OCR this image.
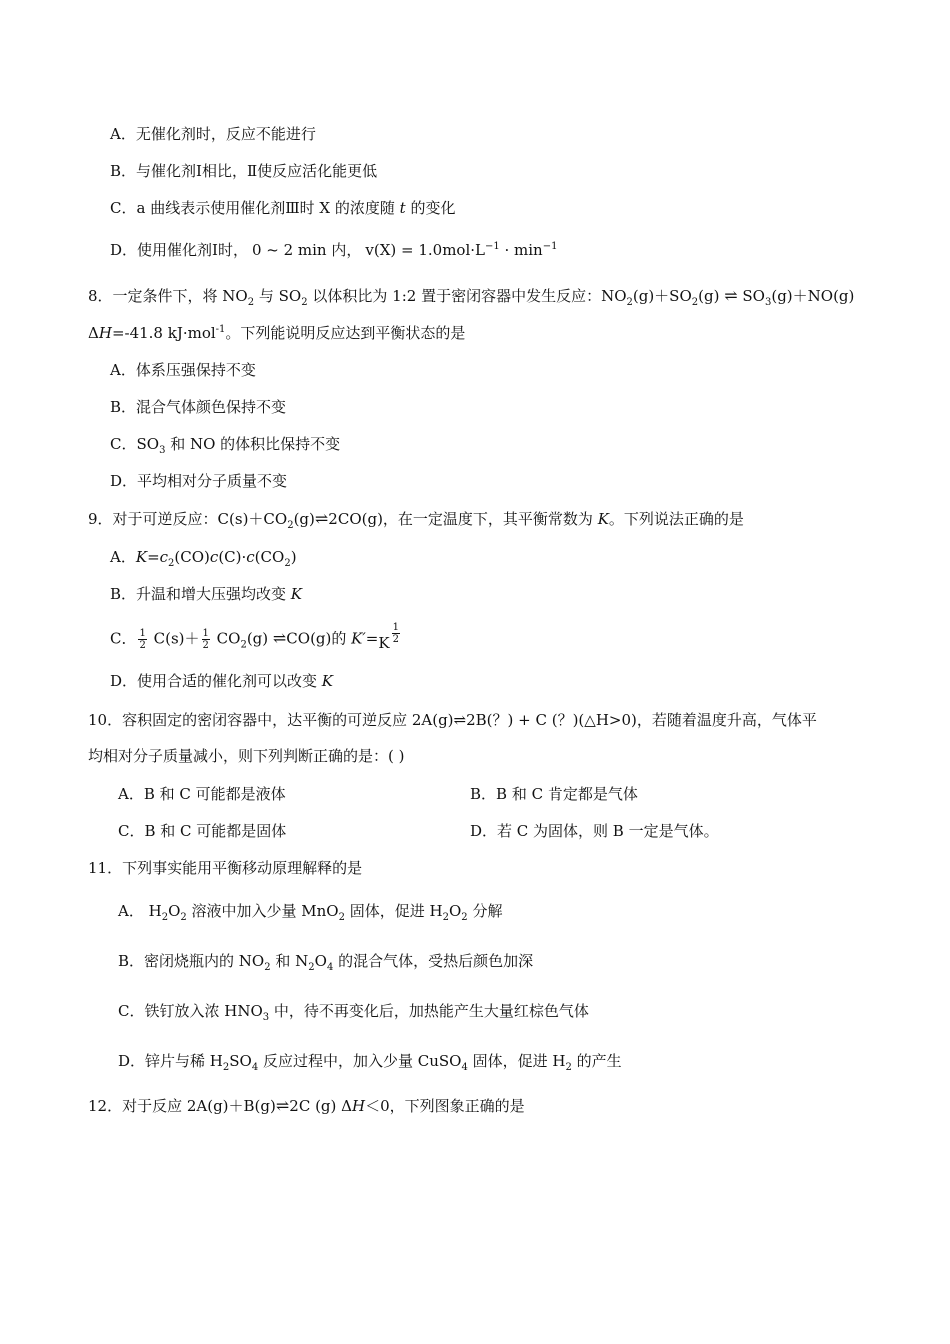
A．无催化剂时，反应不能进行
B．与催化剂Ⅰ相比，Ⅱ使反应活化能更低
C．a 曲线表示使用催化剂Ⅲ时 X 的浓度随 t 的变化
D．使用催化剂Ⅰ时， 0 ~ 2 min 内， $v(X) = 1.0mol\cdot L^{-1} \cdot \min^{-1}$
8．一定条件下，将 $NO_2$ 与 $SO_2$ 以体积比为 1:2 置于密闭容器中发生反应：$NO_2(g)+SO_2(g)$ ⇌ $SO_3(g)+NO(g)$
ΔH=-41.8 kJ·mol$^{-1}$。下列能说明反应达到平衡状态的是
A．体系压强保持不变
B．混合气体颜色保持不变
C．$SO_3$ 和 NO 的体积比保持不变
D．平均相对分子质量不变
9．对于可逆反应：$C(s)+CO_2(g)\rightleftharpoons 2CO(g)$，在一定温度下，其平衡常数为 K。下列说法正确的是
A．$K=c_2(CO)c(C)\cdot c(CO_2)$
B．升温和增大压强均改变 K
C． $\frac{1}{2} C(s)+ \frac{1}{2} CO_2(g)$ ⇌CO(g)的 $K'=K \frac{1}{2}$
D．使用合适的催化剂可以改变 K
10．容积固定的密闭容器中，达平衡的可逆反应 2A(g)⇌2B(？) + C (？)(△H>0)，若随着温度升高，气体平
均相对分子质量减小，则下列判断正确的是：( )
A．B 和 C 可能都是液体	B．B 和 C 肯定都是气体
C．B 和 C 可能都是固体	D．若 C 为固体，则 B 一定是气体。
11．下列事实能用平衡移动原理解释的是
A． $H_2O_2$ 溶液中加入少量 MnO$_2$ 固体，促进 $H_2O_2$ 分解
B．密闭烧瓶内的 $NO_2$ 和 $N_2O_4$ 的混合气体，受热后颜色加深
C．铁钉放入浓 $HNO_3$ 中，待不再变化后，加热能产生大量红棕色气体
D．锌片与稀 $H_2SO_4$ 反应过程中，加入少量 CuSO$_4$ 固体，促进 $H_2$ 的产生
12．对于反应 2A(g)＋B(g)⇌2C (g) ΔH＜0，下列图象正确的是
